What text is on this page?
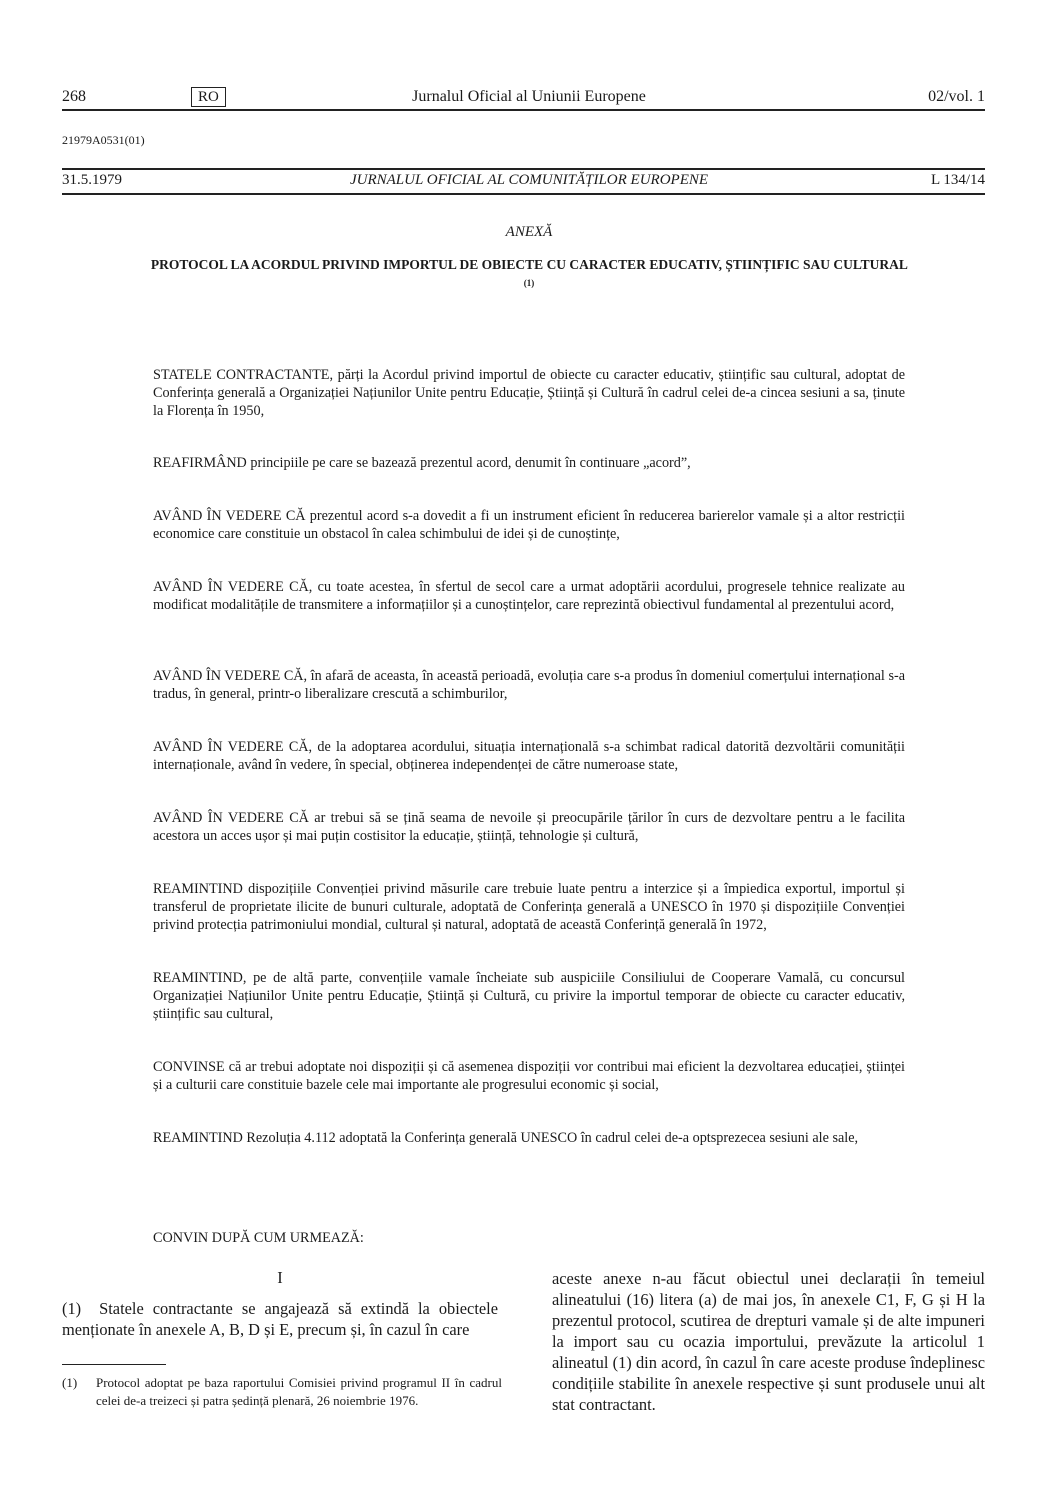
268	RO	Jurnalul Oficial al Uniunii Europene	02/vol. 1
21979A0531(01)
31.5.1979	JURNALUL OFICIAL AL COMUNITĂȚILOR EUROPENE	L 134/14
ANEXĂ
PROTOCOL LA ACORDUL PRIVIND IMPORTUL DE OBIECTE CU CARACTER EDUCATIV, ȘTIINȚIFIC SAU CULTURAL $^{(1)}$

STATELE CONTRACTANTE, părți la Acordul privind importul de obiecte cu caracter educativ, științific sau cultural, adoptat de Conferința generală a Organizației Națiunilor Unite pentru Educație, Știință și Cultură în cadrul celei de-a cincea sesiuni a sa, ținute la Florența în 1950,

REAFIRMÂND principiile pe care se bazează prezentul acord, denumit în continuare „acord”,

AVÂND ÎN VEDERE CĂ prezentul acord s-a dovedit a fi un instrument eficient în reducerea barierelor vamale și a altor restricții economice care constituie un obstacol în calea schimbului de idei și de cunoștințe,

AVÂND ÎN VEDERE CĂ, cu toate acestea, în sfertul de secol care a urmat adoptării acordului, progresele tehnice realizate au modificat modalitățile de transmitere a informațiilor și a cunoștințelor, care reprezintă obiectivul fundamental al prezentului acord,

AVÂND ÎN VEDERE CĂ, în afară de aceasta, în această perioadă, evoluția care s-a produs în domeniul comerțului internațional s-a tradus, în general, printr-o liberalizare crescută a schimburilor,

AVÂND ÎN VEDERE CĂ, de la adoptarea acordului, situația internațională s-a schimbat radical datorită dezvoltării comunității internaționale, având în vedere, în special, obținerea independenței de către numeroase state,

AVÂND ÎN VEDERE CĂ ar trebui să se țină seama de nevoile și preocupările țărilor în curs de dezvoltare pentru a le facilita acestora un acces ușor și mai puțin costisitor la educație, știință, tehnologie și cultură,

REAMINTIND dispozițiile Convenției privind măsurile care trebuie luate pentru a interzice și a împiedica exportul, importul și transferul de proprietate ilicite de bunuri culturale, adoptată de Conferința generală a UNESCO în 1970 și dispozițiile Convenției privind protecția patrimoniului mondial, cultural și natural, adoptată de această Conferință generală în 1972,

REAMINTIND, pe de altă parte, convențiile vamale încheiate sub auspiciile Consiliului de Cooperare Vamală, cu concursul Organizației Națiunilor Unite pentru Educație, Știință și Cultură, cu privire la importul temporar de obiecte cu caracter educativ, științific sau cultural,

CONVINSE că ar trebui adoptate noi dispoziții și că asemenea dispoziții vor contribui mai eficient la dezvoltarea educației, științei și a culturii care constituie bazele cele mai importante ale progresului economic și social,

REAMINTIND Rezoluția 4.112 adoptată la Conferința generală UNESCO în cadrul celei de-a optsprezecea sesiuni ale sale,

CONVIN DUPĂ CUM URMEAZĂ:
I

(1)  Statele contractante se angajează să extindă la obiectele menționate în anexele A, B, D și E, precum și, în cazul în care

(1)	Protocol adoptat pe baza raportului Comisiei privind programul II în cadrul celei de-a treizeci și patra ședință plenară, 26 noiembrie 1976.

aceste anexe n-au făcut obiectul unei declarații în temeiul alineatului (16) litera (a) de mai jos, în anexele C1, F, G și H la prezentul protocol, scutirea de drepturi vamale și de alte impuneri la import sau cu ocazia importului, prevăzute la articolul 1 alineatul (1) din acord, în cazul în care aceste produse îndeplinesc condițiile stabilite în anexele respective și sunt produsele unui alt stat contractant.
